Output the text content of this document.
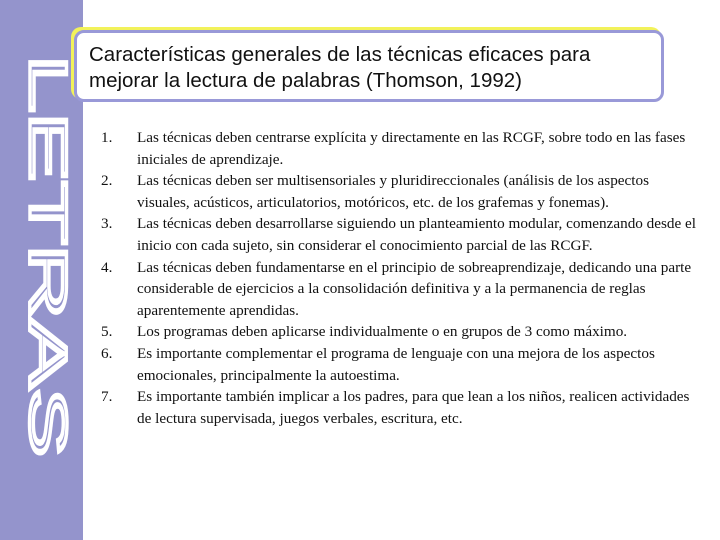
LETRAS
Características generales de las técnicas eficaces para mejorar la lectura de palabras (Thomson, 1992)
1. Las técnicas deben centrarse explícita y directamente en las RCGF, sobre todo en las fases iniciales de aprendizaje.
2. Las técnicas deben ser multisensoriales y pluridireccionales (análisis de los aspectos visuales, acústicos, articulatorios, motóricos, etc. de los grafemas y fonemas).
3. Las técnicas deben desarrollarse siguiendo un planteamiento modular, comenzando desde el inicio con cada sujeto, sin considerar el conocimiento parcial de las RCGF.
4. Las técnicas deben fundamentarse en el principio de sobreaprendizaje, dedicando una parte considerable de ejercicios a la consolidación definitiva y a la permanencia de reglas aparentemente aprendidas.
5. Los programas deben aplicarse individualmente o en grupos de 3 como máximo.
6. Es importante complementar el programa de lenguaje con una mejora de los aspectos emocionales, principalmente la autoestima.
7. Es importante también implicar a los padres, para que lean a los niños, realicen actividades de lectura supervisada, juegos verbales, escritura, etc.
